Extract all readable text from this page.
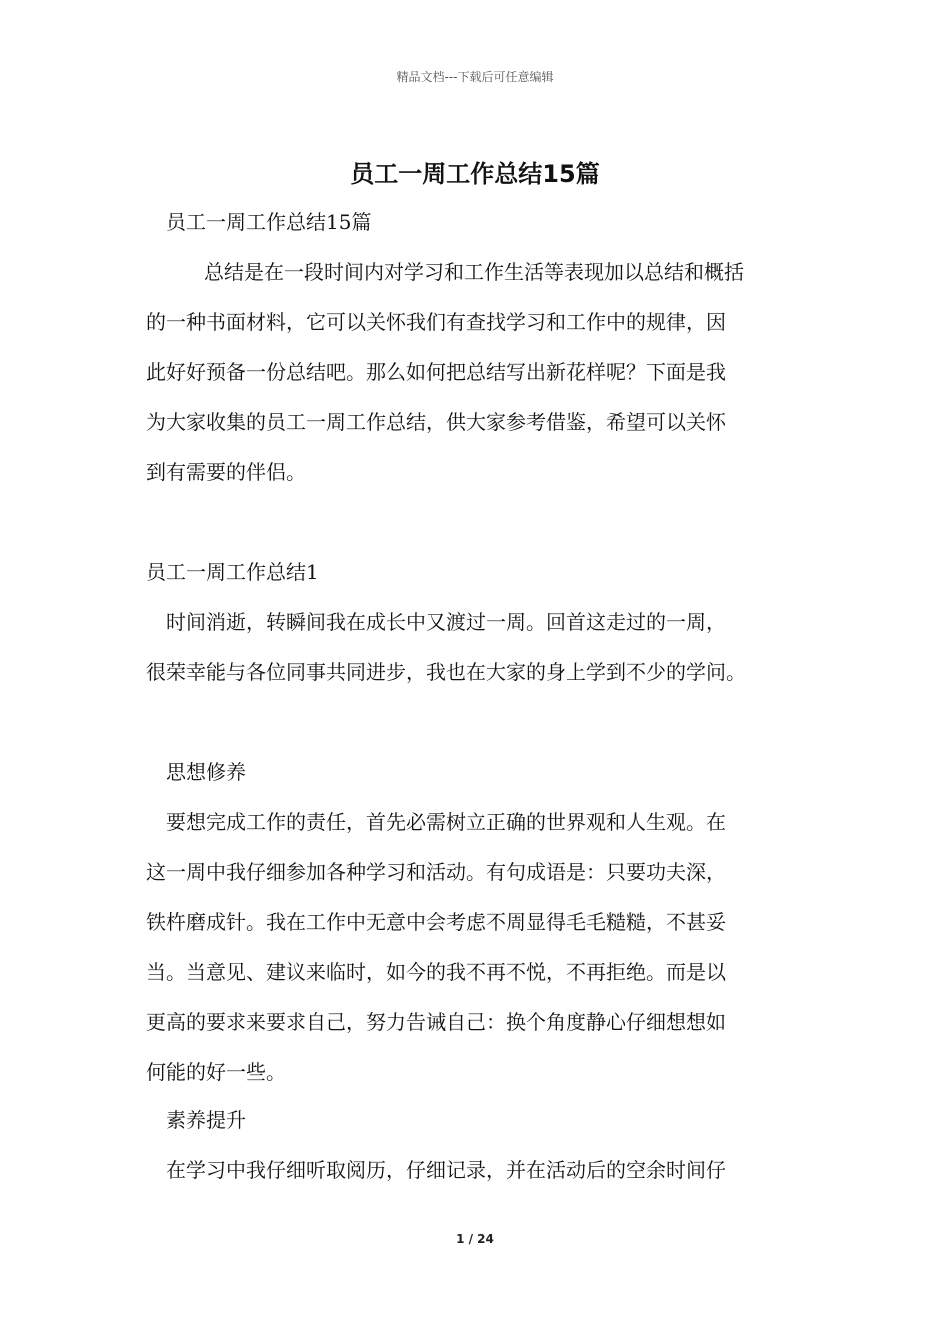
精品文档---下载后可任意编辑
员工一周工作总结15篇
员工一周工作总结15篇
总结是在一段时间内对学习和工作生活等表现加以总结和概括
的一种书面材料，它可以关怀我们有查找学习和工作中的规律，因
此好好预备一份总结吧。那么如何把总结写出新花样呢？下面是我
为大家收集的员工一周工作总结，供大家参考借鉴，希望可以关怀
到有需要的伴侣。
员工一周工作总结1
时间消逝，转瞬间我在成长中又渡过一周。回首这走过的一周，
很荣幸能与各位同事共同进步，我也在大家的身上学到不少的学问。
思想修养
要想完成工作的责任，首先必需树立正确的世界观和人生观。在
这一周中我仔细参加各种学习和活动。有句成语是：只要功夫深，
铁杵磨成针。我在工作中无意中会考虑不周显得毛毛糙糙，不甚妥
当。当意见、建议来临时，如今的我不再不悦，不再拒绝。而是以
更高的要求来要求自己，努力告诫自己：换个角度静心仔细想想如
何能的好一些。
素养提升
在学习中我仔细听取阅历，仔细记录，并在活动后的空余时间仔
1 / 24
